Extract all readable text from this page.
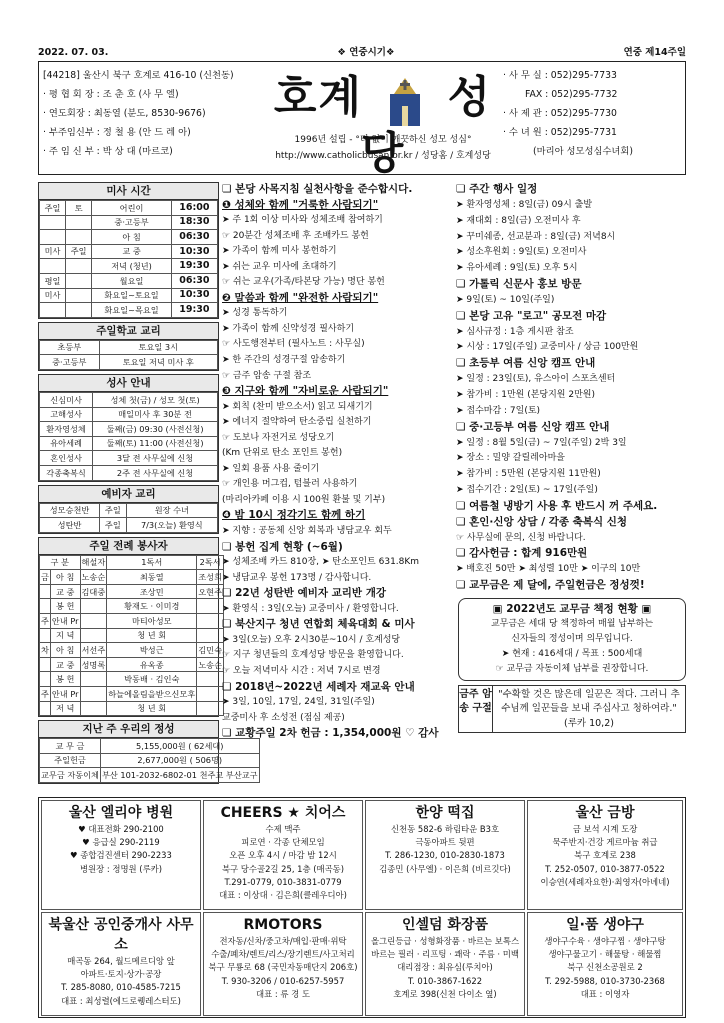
2022. 07. 03.	❖ 연중시기❖	연중 제14주일
[44218] 울산시 북구 호계로 416-10 (신천동)
· 평 협 회 장 : 조 춘 호 (사 무 엘)
· 연도회장 : 최동열 (분도, 8530-9676)
· 부주임신부 : 정 철 용 (안 드 레 아)
· 주 임 신 부 : 박 상 대 (마르코)
호계 성당
1996년 설립 - °티 없이 깨끗하신 성모 성심°
http://www.catholicbusan.or.kr / 성당홈 / 호계성당
· 사 무 실 : 052)295-7733
FAX : 052)295-7732
· 사 제 관 : 052)295-7730
· 수 녀 원 : 052)295-7731
(마리아 성모성심수녀회)
미사 시간
주일	토	어린이	16:00
		중·고등부	18:30
		아 침	06:30
미사	주일	교 중	10:30
		저녁 (청년)	19:30
평일		월요일	06:30
미사		화요일~토요일	10:30
		화요일~목요일	19:30
주일학교 교리
초등부	토요일 3시
중·고등부	토요일 저녁 미사 후
성사 안내
신심미사	성체 첫(금) / 성모 첫(토)
고해성사	매일미사 후 30분 전
환자영성체	둘째(금) 09:30 (사전신청)
유아세례	둘째(토) 11:00 (사전신청)
혼인성사	3달 전 사무실에 신청
각종축복식	2주 전 사무실에 신청
예비자 교리
성모승천반	주일	원장 수녀
성탄반	주일	7/3(오늘) 환영식
주일 전례 봉사자
구 분		해설자	1독서	2독서
금	아 침	노송순	최동열	조성희
	교 중	김대중	조상민	오현주
	봉 헌		황재도 · 이미경	
주	안내 Pr		마티아성모	
	지 녁		청 년 회	
차	아 침	서선주	박성근	김민숙
	교 중	성명록	유옥종	노송순
	봉 헌		박동배 · 김인숙	
주	안내 Pr		하늘에올림을받으신모후	
	저 녁		청 년 회	
지난 주 우리의 정성
교 무 금	5,155,000원 ( 62세대)
주일헌금	2,677,000원 ( 506명)
교무금 자동이체	부산 101-2032-6802-01 천주교 부산교구
❏ 본당 사목지침 실천사항을 준수합시다.
❶ 성체와 함께 "거룩한 사람되기"
➤ 주 1회 이상 미사와 성체조배 참여하기
☞ 20분간 성체조배 후 조배카드 봉헌
➤ 가족이 함께 미사 봉헌하기
➤ 쉬는 교우 미사에 초대하기
☞ 쉬는 교우(가족/타본당 가능) 명단 봉헌
❷ 말씀과 함께 "완전한 사람되기"
➤ 성경 통독하기
➤ 가족이 함께 신약성경 필사하기
☞ 사도행전부터 (필사노트 : 사무실)
➤ 한 주간의 성경구절 암송하기
☞ 금주 암송 구절 참조
❸ 지구와 함께 "자비로운 사람되기"
➤ 회칙 (찬미 받으소서) 읽고 되새기기
➤ 에너지 절약하여 탄소중립 실천하기
☞ 도보나 자전거로 성당오기
(Km 단위로 탄소 포인트 봉헌)
➤ 일회 용품 사용 줄이기
☞ 개인용 머그컵, 텀블러 사용하기
(마리아카페 이용 시 100원 환불 및 기부)
❹ 밤 10시 정각기도 함께 하기
➤ 지향 : 공동체 신앙 회복과 냉담교우 회두
❏ 봉헌 집계 현황 (~6월)
➤ 성체조배 카드 810장, ➤ 탄소포인트 631.8Km
➤ 냉담교우 봉헌 173명 / 감사합니다.
❏ 22년 성탄반 예비자 교리반 개강
➤ 환영식 : 3일(오늘) 교중미사 / 환영합니다.
❏ 북산지구 청년 연합회 체육대회 & 미사
➤ 3일(오늘) 오후 2시30분~10시 / 호계성당
☞ 지구 청년들의 호계성당 방문을 환영합니다.
☞ 오늘 저녁미사 시간 : 저녁 7시로 변경
❏ 2018년~2022년 세례자 재교육 안내
➤ 3일, 10일, 17일, 24일, 31일(주일)
교중미사 후 소성전 (점심 제공)
❏ 교황주일 2차 헌금 : 1,354,000원 ♡ 감사
❏ 주간 행사 일정
➤ 환자영성체 : 8일(금) 09시 출발
➤ 재대회 : 8일(금) 오전미사 후
➤ 꾸미쉐종, 선교분과 : 8일(금) 저녁8시
➤ 성소후원회 : 9일(토) 오전미사
➤ 유아세례 : 9일(토) 오후 5시
❏ 가톨릭 신문사 홍보 방문
➤ 9일(토) ~ 10일(주일)
❏ 본당 고유 "로고" 공모전 마감
➤ 심사규정 : 1층 게시판 참조
➤ 시상 : 17일(주일) 교중미사 / 상금 100만원
❏ 초등부 여름 신앙 캠프 안내
➤ 일정 : 23일(토), 유스아이 스포츠센터
➤ 참가비 : 1만원 (본당지원 2만원)
➤ 접수마감 : 7일(토)
❏ 중·고등부 여름 신앙 캠프 안내
➤ 일정 : 8월 5일(금) ~ 7일(주일) 2박 3일
➤ 장소 : 밀양 갈릴레아마을
➤ 참가비 : 5만원 (본당지원 11만원)
➤ 접수기간 : 2일(토) ~ 17일(주일)
❏ 여름철 냉방기 사용 후 반드시 꺼 주세요.
❏ 혼인·신앙 상담 / 각종 축복식 신청
☞ 사무실에 문의, 신청 바랍니다.
❏ 감사헌금 : 합계 916만원
➤ 배호진 50만 ➤ 최성렬 10만 ➤ 이구의 10만
❏ 교무금은 제 달에, 주일헌금은 정성껏!
▣ 2022년도 교무금 책정 현황 ▣
교무금은 세대 당 책정하여 매월 납부하는
신자들의 정성이며 의무입니다.
➤ 현재 : 416세대 / 목표 : 500세대
☞ 교무금 자동이체 납부를 권장합니다.
금주 암송 구절
"수확할 것은 많은데 일꾼은 적다. 그러니 추수님께 일꾼들을 보내 주십사고 청하여라." (루카 10,2)
울산 엘리야 병원
♥ 대표전화 290-2100
♥ 응급실 290-2119
♥ 종합검진센터 290-2233
병원장 : 정명원 (루카)
CHEERS ★ 치어스
수제 맥주
피로연 · 각종 단체모임
오픈 오후 4시 / 마감 밤 12시
북구 당수골2길 25, 1층 (매곡동)
T.291-0779, 010-3831-0779
대표 : 이상대 · 김은희(클레우디아)
한양 떡집
신천동 582-6 하림타운 B3호
극동아파트 뒷편
T. 286-1230, 010-2830-1873
김종민 (사무엘) · 이은희 (비르깃다)
울산 금방
금 보석 시계 도장
묵주반지·건강 게르마늄 취급
북구 호계로 238
T. 252-0507, 010-3877-0522
이승연(세례자요한)·최영자(아녜네)
북울산 공인중개사 사무소
매곡동 264, 월드메르디앙 앞
아파트·토지·상가·공장
T. 285-8080, 010-4585-7215
대표 : 최성렬(에드로퀭레스터도)
RMOTORS
전자동/신차/중고차/매입·판매·위탁
수출/폐차/렌트/리스/장기렌트/사고처리
북구 무룡로 68 (국민자동매단지 206호)
T. 930-3206 / 010-6257-5957
대표 : 류 경 도
인셀덤 화장품
올그린등급 · 성형화장품 · 바르는 보톡스
바르는 필러 · 리프팅 · 쾌락 · 주름 · 미백
대리점장 : 최유심(루치아)
T. 010-3867-1622
호계로 398(신천 다이소 옆)
일·품 생야구
생야구수육 · 생야구찜 · 생야구탕
생야구물고기 · 해물탕 · 해물찜
북구 신천소공원로 2
T. 292-5988, 010-3730-2368
대표 : 이영자
